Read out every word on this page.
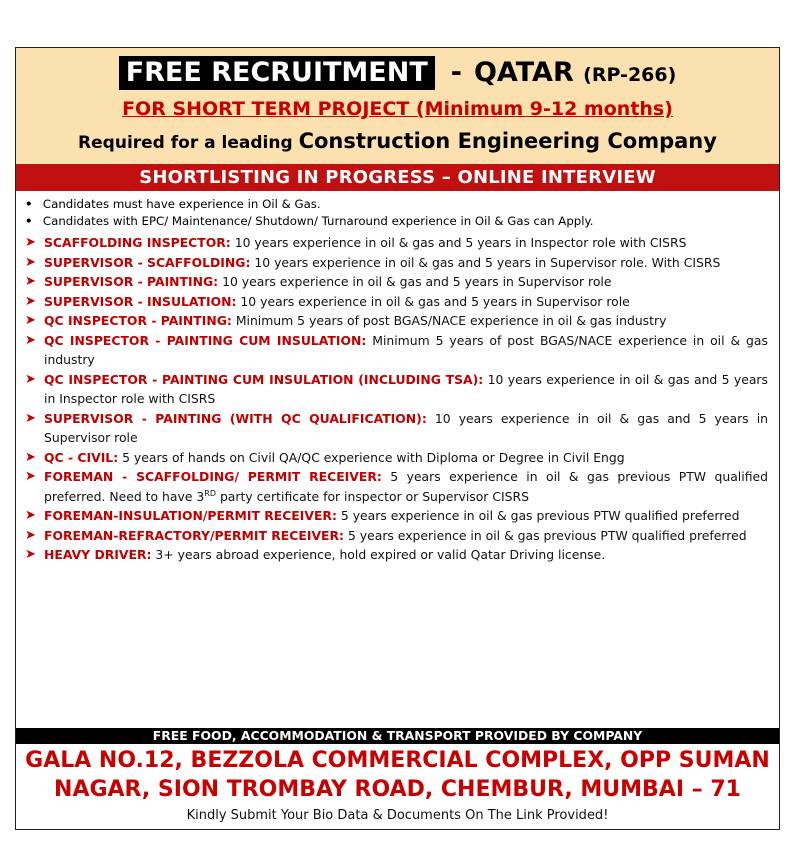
FREE RECRUITMENT - QATAR (RP-266)
FOR SHORT TERM PROJECT (Minimum 9-12 months)
Required for a leading Construction Engineering Company
SHORTLISTING IN PROGRESS – ONLINE INTERVIEW
• Candidates must have experience in Oil & Gas.
• Candidates with EPC/ Maintenance/ Shutdown/ Turnaround experience in Oil & Gas can Apply.
➤ SCAFFOLDING INSPECTOR: 10 years experience in oil & gas and 5 years in Inspector role with CISRS
➤ SUPERVISOR - SCAFFOLDING: 10 years experience in oil & gas and 5 years in Supervisor role. With CISRS
➤ SUPERVISOR - PAINTING: 10 years experience in oil & gas and 5 years in Supervisor role
➤ SUPERVISOR - INSULATION: 10 years experience in oil & gas and 5 years in Supervisor role
➤ QC INSPECTOR - PAINTING: Minimum 5 years of post BGAS/NACE experience in oil & gas industry
➤ QC INSPECTOR - PAINTING CUM INSULATION: Minimum 5 years of post BGAS/NACE experience in oil & gas industry
➤ QC INSPECTOR - PAINTING CUM INSULATION (INCLUDING TSA): 10 years experience in oil & gas and 5 years in Inspector role with CISRS
➤ SUPERVISOR - PAINTING (WITH QC QUALIFICATION): 10 years experience in oil & gas and 5 years in Supervisor role
➤ QC - CIVIL: 5 years of hands on Civil QA/QC experience with Diploma or Degree in Civil Engg
➤ FOREMAN - SCAFFOLDING/ PERMIT RECEIVER: 5 years experience in oil & gas previous PTW qualified preferred. Need to have 3RD party certificate for inspector or Supervisor CISRS
➤ FOREMAN-INSULATION/PERMIT RECEIVER: 5 years experience in oil & gas previous PTW qualified preferred
➤ FOREMAN-REFRACTORY/PERMIT RECEIVER: 5 years experience in oil & gas previous PTW qualified preferred
➤ HEAVY DRIVER: 3+ years abroad experience, hold expired or valid Qatar Driving license.
FREE FOOD, ACCOMMODATION & TRANSPORT PROVIDED BY COMPANY
GALA NO.12, BEZZOLA COMMERCIAL COMPLEX, OPP SUMAN
NAGAR, SION TROMBAY ROAD, CHEMBUR, MUMBAI – 71
Kindly Submit Your Bio Data & Documents On The Link Provided!
